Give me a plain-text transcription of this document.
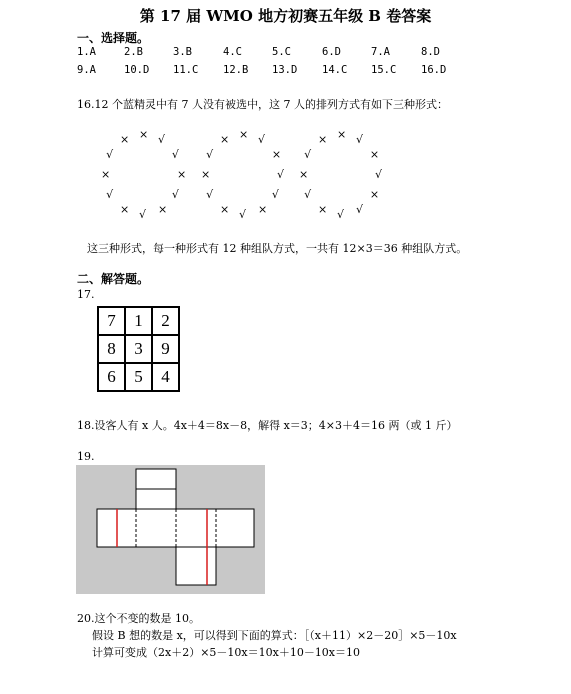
第 17 届 WMO 地方初赛五年级 B 卷答案
一、选择题。
1.A	2.B	3.B	4.C	5.C	6.D	7.A	8.D
9.A	10.D 11.C 12.B 13.D 14.C 15.C 16.D
16.12 个蓝精灵中有 7 人没有被选中，这 7 人的排列方式有如下三种形式：
× √
√
×
√
×
√
×
√
×
√
×	× √
×
√
√
×
√
×
√
×
√
×	× √
×
√
×
√
√
×
√
×
√
×
这三种形式，每一种形式有 12 种组队方式，一共有 12×3＝36 种组队方式。
二、解答题。
17.
7	1	2
8	3	9
6	5	4
18.设客人有 x 人。4x＋4＝8x－8，解得 x＝3；4×3＋4＝16 两（或 1 斤）
19.
20.这个不变的数是 10。
假设 B 想的数是 x，可以得到下面的算式：［（x＋11）×2－20］×5－10x
计算可变成（2x＋2）×5－10x＝10x＋10－10x＝10
